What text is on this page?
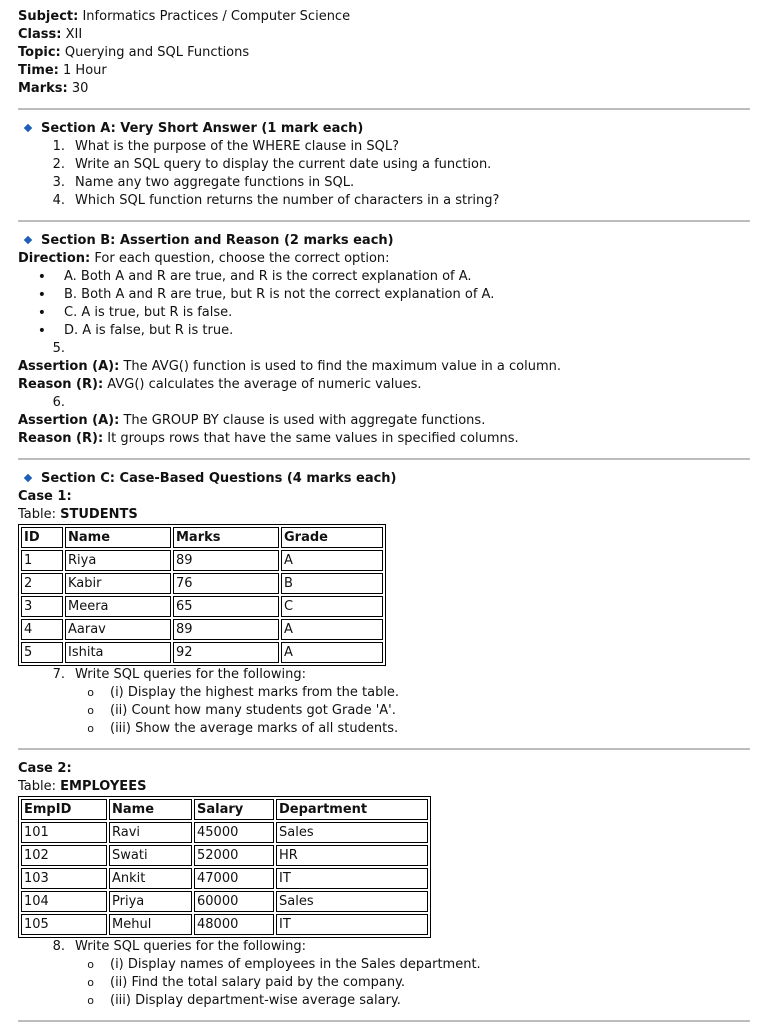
Subject: Informatics Practices / Computer Science
Class: XII
Topic: Querying and SQL Functions
Time: 1 Hour
Marks: 30
Section A: Very Short Answer (1 mark each)
1. What is the purpose of the WHERE clause in SQL?
2. Write an SQL query to display the current date using a function.
3. Name any two aggregate functions in SQL.
4. Which SQL function returns the number of characters in a string?
Section B: Assertion and Reason (2 marks each)
Direction: For each question, choose the correct option:
•	A. Both A and R are true, and R is the correct explanation of A.
•	B. Both A and R are true, but R is not the correct explanation of A.
•	C. A is true, but R is false.
•	D. A is false, but R is true.
5.
Assertion (A): The AVG() function is used to find the maximum value in a column.
Reason (R): AVG() calculates the average of numeric values.
6.
Assertion (A): The GROUP BY clause is used with aggregate functions.
Reason (R): It groups rows that have the same values in specified columns.
Section C: Case-Based Questions (4 marks each)
Case 1:
Table: STUDENTS
ID	Name	Marks	Grade
1	Riya	89	A
2	Kabir	76	B
3	Meera	65	C
4	Aarav	89	A
5	Ishita	92	A
7. Write SQL queries for the following:
o	(i) Display the highest marks from the table.
o	(ii) Count how many students got Grade 'A'.
o	(iii) Show the average marks of all students.
Case 2:
Table: EMPLOYEES
EmpID	Name	Salary	Department
101	Ravi	45000	Sales
102	Swati	52000	HR
103	Ankit	47000	IT
104	Priya	60000	Sales
105	Mehul	48000	IT
8. Write SQL queries for the following:
o	(i) Display names of employees in the Sales department.
o	(ii) Find the total salary paid by the company.
o	(iii) Display department-wise average salary.
